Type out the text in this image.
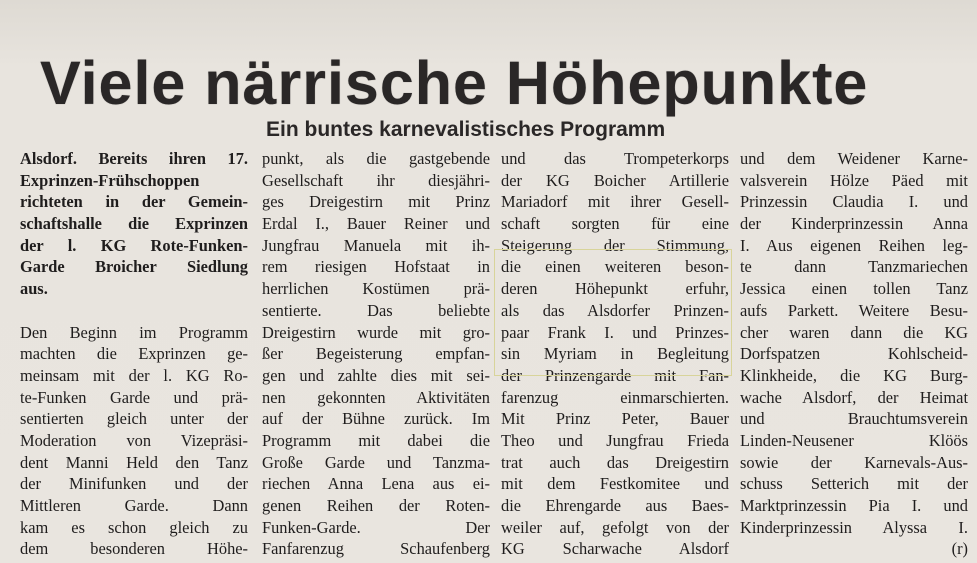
Viele närrische Höhepunkte
Ein buntes karnevalistisches Programm
Alsdorf. Bereits ihren 17.
Exprinzen-Frühschoppen
richteten in der Gemein-
schaftshalle die Exprinzen
der l. KG Rote-Funken-
Garde Broicher Siedlung
aus.
Den Beginn im Programm
machten die Exprinzen ge-
meinsam mit der l. KG Ro-
te-Funken Garde und prä-
sentierten gleich unter der
Moderation von Vizepräsi-
dent Manni Held den Tanz
der Minifunken und der
Mittleren Garde. Dann
kam es schon gleich zu
dem besonderen Höhe-
punkt, als die gastgebende
Gesellschaft ihr diesjähri-
ges Dreigestirn mit Prinz
Erdal I., Bauer Reiner und
Jungfrau Manuela mit ih-
rem riesigen Hofstaat in
herrlichen Kostümen prä-
sentierte. Das beliebte
Dreigestirn wurde mit gro-
ßer Begeisterung empfan-
gen und zahlte dies mit sei-
nen gekonnten Aktivitäten
auf der Bühne zurück. Im
Programm mit dabei die
Große Garde und Tanzma-
riechen Anna Lena aus ei-
genen Reihen der Roten-
Funken-Garde. Der
Fanfarenzug Schaufenberg
und das Trompeterkorps
der KG Boicher Artillerie
Mariadorf mit ihrer Gesell-
schaft sorgten für eine
Steigerung der Stimmung,
die einen weiteren beson-
deren Höhepunkt erfuhr,
als das Alsdorfer Prinzen-
paar Frank I. und Prinzes-
sin Myriam in Begleitung
der Prinzengarde mit Fan-
farenzug einmarschierten.
Mit Prinz Peter, Bauer
Theo und Jungfrau Frieda
trat auch das Dreigestirn
mit dem Festkomitee und
die Ehrengarde aus Baes-
weiler auf, gefolgt von der
KG Scharwache Alsdorf
und dem Weidener Karne-
valsverein Hölze Päed mit
Prinzessin Claudia I. und
der Kinderprinzessin Anna
I. Aus eigenen Reihen leg-
te dann Tanzmariechen
Jessica einen tollen Tanz
aufs Parkett. Weitere Besu-
cher waren dann die KG
Dorfspatzen Kohlscheid-
Klinkheide, die KG Burg-
wache Alsdorf, der Heimat
und Brauchtumsverein
Linden-Neusener Klöös
sowie der Karnevals-Aus-
schuss Setterich mit der
Marktprinzessin Pia I. und
Kinderprinzessin Alyssa I.
(r)
